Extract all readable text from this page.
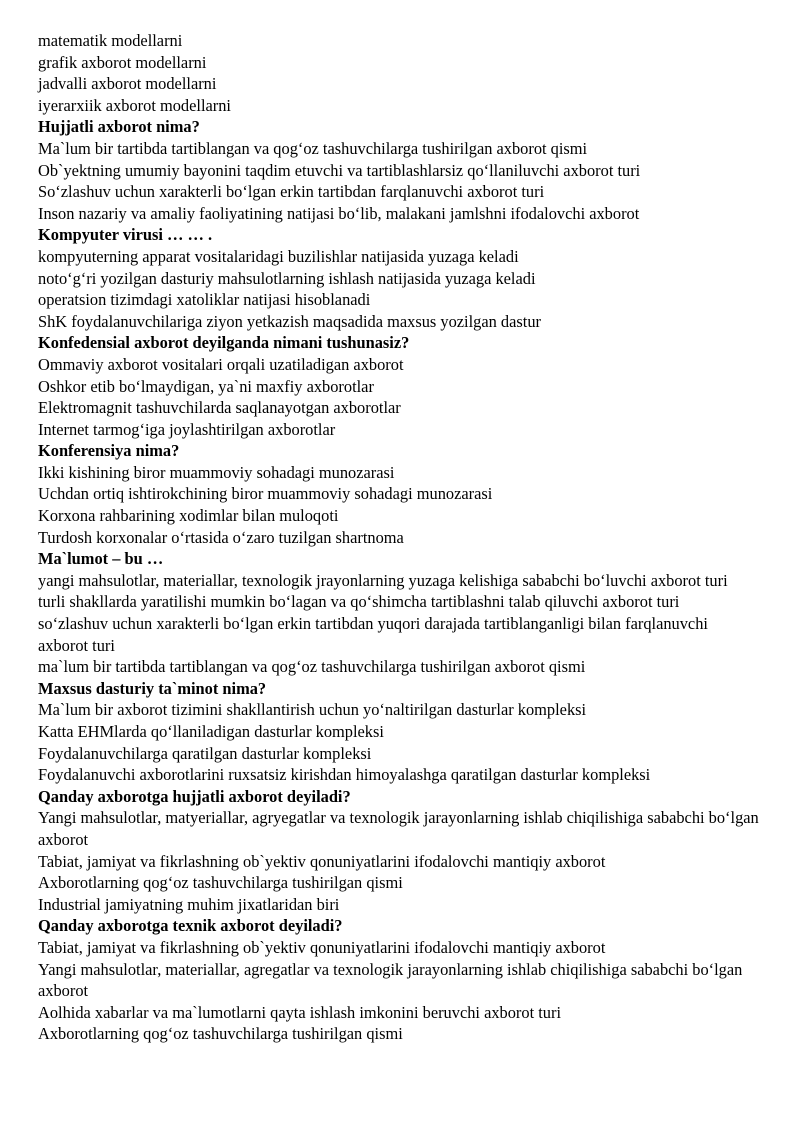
matematik modellarni

grafik axborot modellarni

jadvalli axborot modellarni

iyerarxiik axborot modellarni

Hujjatli axborot nima?

Ma`lum bir tartibda tartiblangan va qog‘oz tashuvchilarga tushirilgan axborot qismi

Ob`yektning umumiy bayonini taqdim etuvchi va tartiblashlarsiz qo‘llaniluvchi axborot turi

So‘zlashuv uchun xarakterli bo‘lgan erkin tartibdan farqlanuvchi axborot turi

Inson nazariy va amaliy faoliyatining natijasi bo‘lib, malakani jamlshni ifodalovchi axborot

Kompyuter virusi … … .

kompyuterning apparat vositalaridagi buzilishlar natijasida yuzaga keladi

noto‘g‘ri yozilgan dasturiy mahsulotlarning ishlash natijasida yuzaga keladi

operatsion tizimdagi xatoliklar natijasi hisoblanadi

ShK foydalanuvchilariga ziyon yetkazish maqsadida maxsus yozilgan dastur

Konfedensial axborot deyilganda nimani tushunasiz?

Ommaviy axborot vositalari orqali uzatiladigan axborot

Oshkor etib bo‘lmaydigan, ya`ni maxfiy axborotlar

Elektromagnit tashuvchilarda saqlanayotgan axborotlar

Internet tarmog‘iga joylashtirilgan axborotlar

Konferensiya nima?

Ikki kishining biror muammoviy sohadagi munozarasi

Uchdan ortiq ishtirokchining biror muammoviy sohadagi munozarasi

Korxona rahbarining xodimlar bilan muloqoti

Turdosh korxonalar o‘rtasida o‘zaro tuzilgan shartnoma

Ma`lumot – bu …

yangi mahsulotlar, materiallar, texnologik jrayonlarning yuzaga kelishiga sababchi bo‘luvchi axborot turi

turli shakllarda yaratilishi mumkin bo‘lagan va qo‘shimcha tartiblashni talab qiluvchi axborot turi

so‘zlashuv uchun xarakterli bo‘lgan erkin tartibdan yuqori darajada tartiblanganligi bilan farqlanuvchi axborot turi

ma`lum bir tartibda tartiblangan va qog‘oz tashuvchilarga tushirilgan axborot qismi

Maxsus dasturiy ta`minot nima?

Ma`lum bir axborot tizimini shakllantirish uchun yo‘naltirilgan dasturlar kompleksi

Katta EHMlarda qo‘llaniladigan dasturlar kompleksi

Foydalanuvchilarga qaratilgan dasturlar kompleksi

Foydalanuvchi axborotlarini ruxsatsiz kirishdan himoyalashga qaratilgan dasturlar kompleksi

Qanday axborotga hujjatli axborot deyiladi?

Yangi mahsulotlar, matyeriallar, agryegatlar va texnologik jarayonlarning ishlab chiqilishiga sababchi bo‘lgan axborot

Tabiat, jamiyat va fikrlashning ob`yektiv qonuniyatlarini ifodalovchi mantiqiy axborot

Axborotlarning qog‘oz tashuvchilarga tushirilgan qismi

Industrial jamiyatning muhim jixatlaridan biri

Qanday axborotga texnik axborot deyiladi?

Tabiat, jamiyat va fikrlashning ob`yektiv qonuniyatlarini ifodalovchi mantiqiy axborot

Yangi mahsulotlar, materiallar, agregatlar va texnologik jarayonlarning ishlab chiqilishiga sababchi bo‘lgan axborot

Aolhida xabarlar va ma`lumotlarni qayta ishlash imkonini beruvchi axborot turi

Axborotlarning qog‘oz tashuvchilarga tushirilgan qismi
